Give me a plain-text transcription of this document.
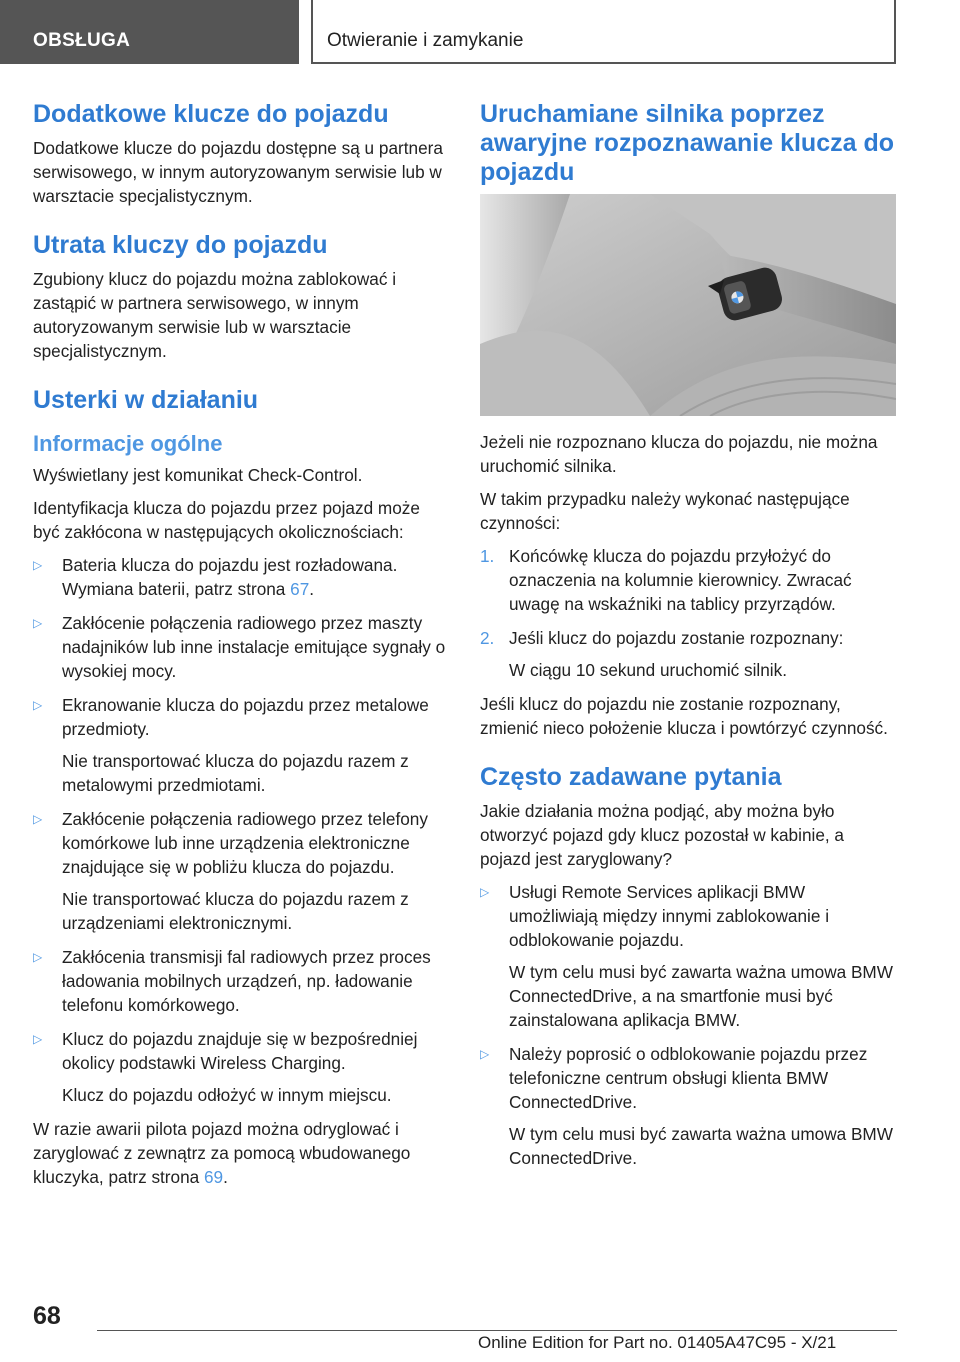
OBSŁUGA	Otwieranie i zamykanie
Dodatkowe klucze do pojazdu

Dodatkowe klucze do pojazdu dostępne są u partnera serwisowego, w innym autoryzowanym serwisie lub w warsztacie specjalistycznym.

Utrata kluczy do pojazdu

Zgubiony klucz do pojazdu można zablokować i zastąpić w partnera serwisowego, w innym autoryzowanym serwisie lub w warsztacie specjalistycznym.

Usterki w działaniu
Informacje ogólne

Wyświetlany jest komunikat Check-Control.

Identyfikacja klucza do pojazdu przez pojazd może być zakłócona w następujących okolicznościach:

▷ Bateria klucza do pojazdu jest rozładowana. Wymiana baterii, patrz strona 67.

▷ Zakłócenie połączenia radiowego przez maszty nadajników lub inne instalacje emitujące sygnały o wysokiej mocy.

▷ Ekranowanie klucza do pojazdu przez metalowe przedmioty.

Nie transportować klucza do pojazdu razem z metalowymi przedmiotami.

▷ Zakłócenie połączenia radiowego przez telefony komórkowe lub inne urządzenia elektroniczne znajdujące się w pobliżu klucza do pojazdu.

Nie transportować klucza do pojazdu razem z urządzeniami elektronicznymi.

▷ Zakłócenia transmisji fal radiowych przez proces ładowania mobilnych urządzeń, np. ładowanie telefonu komórkowego.

▷ Klucz do pojazdu znajduje się w bezpośredniej okolicy podstawki Wireless Charging.

Klucz do pojazdu odłożyć w innym miejscu.

W razie awarii pilota pojazd można odryglować i zaryglować z zewnątrz za pomocą wbudowanego kluczyka, patrz strona 69.

Uruchamiane silnika poprzez awaryjne rozpoznawanie klucza do pojazdu

Jeżeli nie rozpoznano klucza do pojazdu, nie można uruchomić silnika.

W takim przypadku należy wykonać następujące czynności:

1. Końcówkę klucza do pojazdu przyłożyć do oznaczenia na kolumnie kierownicy. Zwracać uwagę na wskaźniki na tablicy przyrządów.

2. Jeśli klucz do pojazdu zostanie rozpoznany:

W ciągu 10 sekund uruchomić silnik.

Jeśli klucz do pojazdu nie zostanie rozpoznany, zmienić nieco położenie klucza i powtórzyć czynność.

Często zadawane pytania

Jakie działania można podjąć, aby można było otworzyć pojazd gdy klucz pozostał w kabinie, a pojazd jest zaryglowany?

▷ Usługi Remote Services aplikacji BMW umożliwiają między innymi zablokowanie i odblokowanie pojazdu.

W tym celu musi być zawarta ważna umowa BMW ConnectedDrive, a na smartfonie musi być zainstalowana aplikacja BMW.

▷ Należy poprosić o odblokowanie pojazdu przez telefoniczne centrum obsługi klienta BMW ConnectedDrive.

W tym celu musi być zawarta ważna umowa BMW ConnectedDrive.

68
Online Edition for Part no. 01405A47C95 - X/21
